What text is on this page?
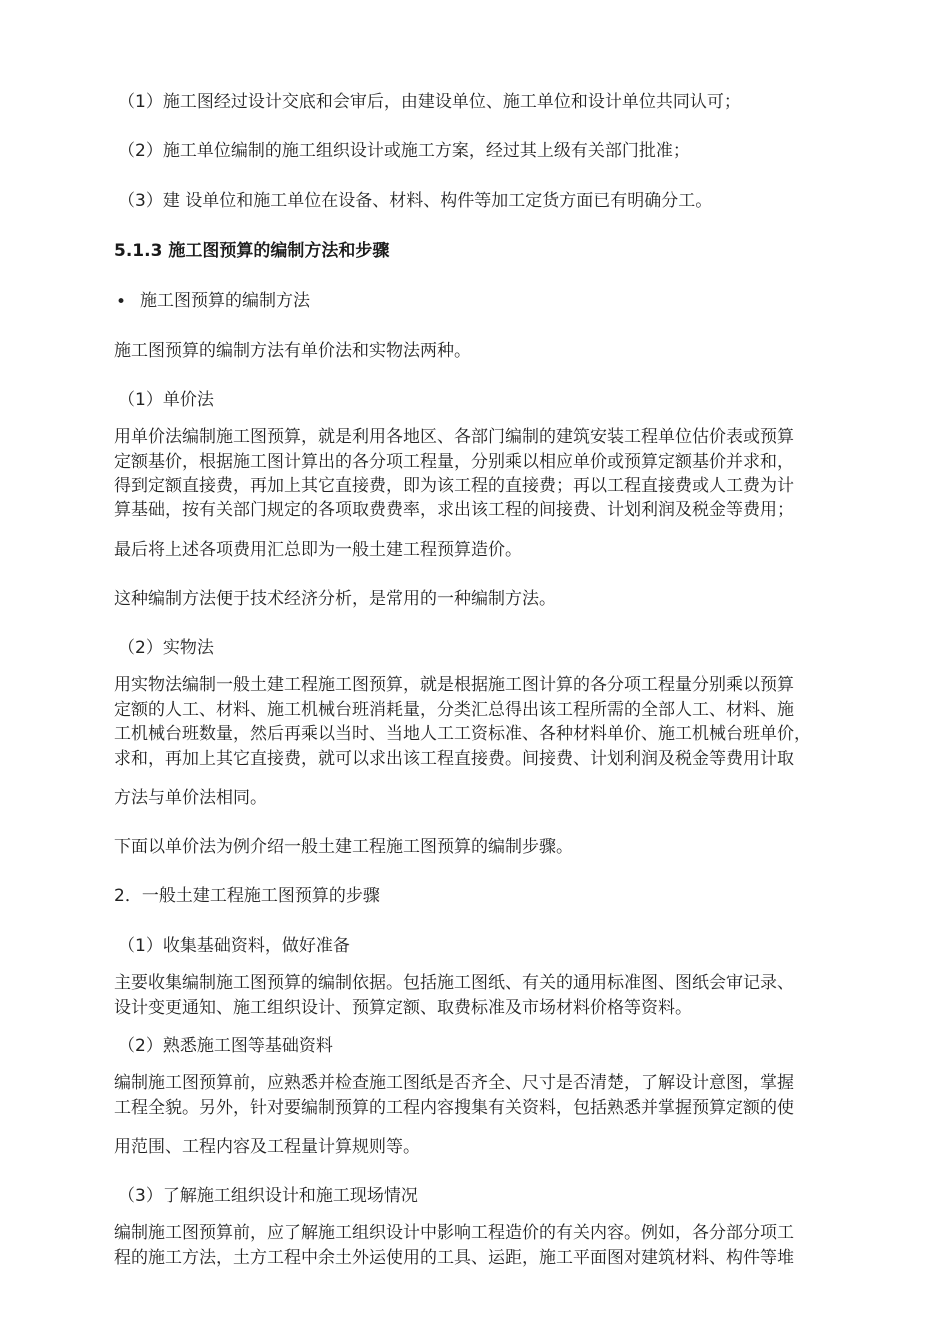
（1）施工图经过设计交底和会审后，由建设单位、施工单位和设计单位共同认可；
（2）施工单位编制的施工组织设计或施工方案，经过其上级有关部门批准；
（3）建 设单位和施工单位在设备、材料、构件等加工定货方面已有明确分工。
5.1.3 施工图预算的编制方法和步骤
• 施工图预算的编制方法
施工图预算的编制方法有单价法和实物法两种。
（1）单价法
用单价法编制施工图预算，就是利用各地区、各部门编制的建筑安装工程单位估价表或预算
定额基价，根据施工图计算出的各分项工程量，分别乘以相应单价或预算定额基价并求和，
得到定额直接费，再加上其它直接费，即为该工程的直接费；再以工程直接费或人工费为计
算基础，按有关部门规定的各项取费费率，求出该工程的间接费、计划利润及税金等费用；
最后将上述各项费用汇总即为一般土建工程预算造价。
这种编制方法便于技术经济分析，是常用的一种编制方法。
（2）实物法
用实物法编制一般土建工程施工图预算，就是根据施工图计算的各分项工程量分别乘以预算
定额的人工、材料、施工机械台班消耗量，分类汇总得出该工程所需的全部人工、材料、施
工机械台班数量，然后再乘以当时、当地人工工资标准、各种材料单价、施工机械台班单价，
求和，再加上其它直接费，就可以求出该工程直接费。间接费、计划利润及税金等费用计取
方法与单价法相同。
下面以单价法为例介绍一般土建工程施工图预算的编制步骤。
2．一般土建工程施工图预算的步骤
（1）收集基础资料，做好准备
主要收集编制施工图预算的编制依据。包括施工图纸、有关的通用标准图、图纸会审记录、
设计变更通知、施工组织设计、预算定额、取费标准及市场材料价格等资料。
（2）熟悉施工图等基础资料
编制施工图预算前，应熟悉并检查施工图纸是否齐全、尺寸是否清楚，了解设计意图，掌握
工程全貌。另外，针对要编制预算的工程内容搜集有关资料，包括熟悉并掌握预算定额的使
用范围、工程内容及工程量计算规则等。
（3）了解施工组织设计和施工现场情况
编制施工图预算前，应了解施工组织设计中影响工程造价的有关内容。例如，各分部分项工
程的施工方法，土方工程中余土外运使用的工具、运距，施工平面图对建筑材料、构件等堆
